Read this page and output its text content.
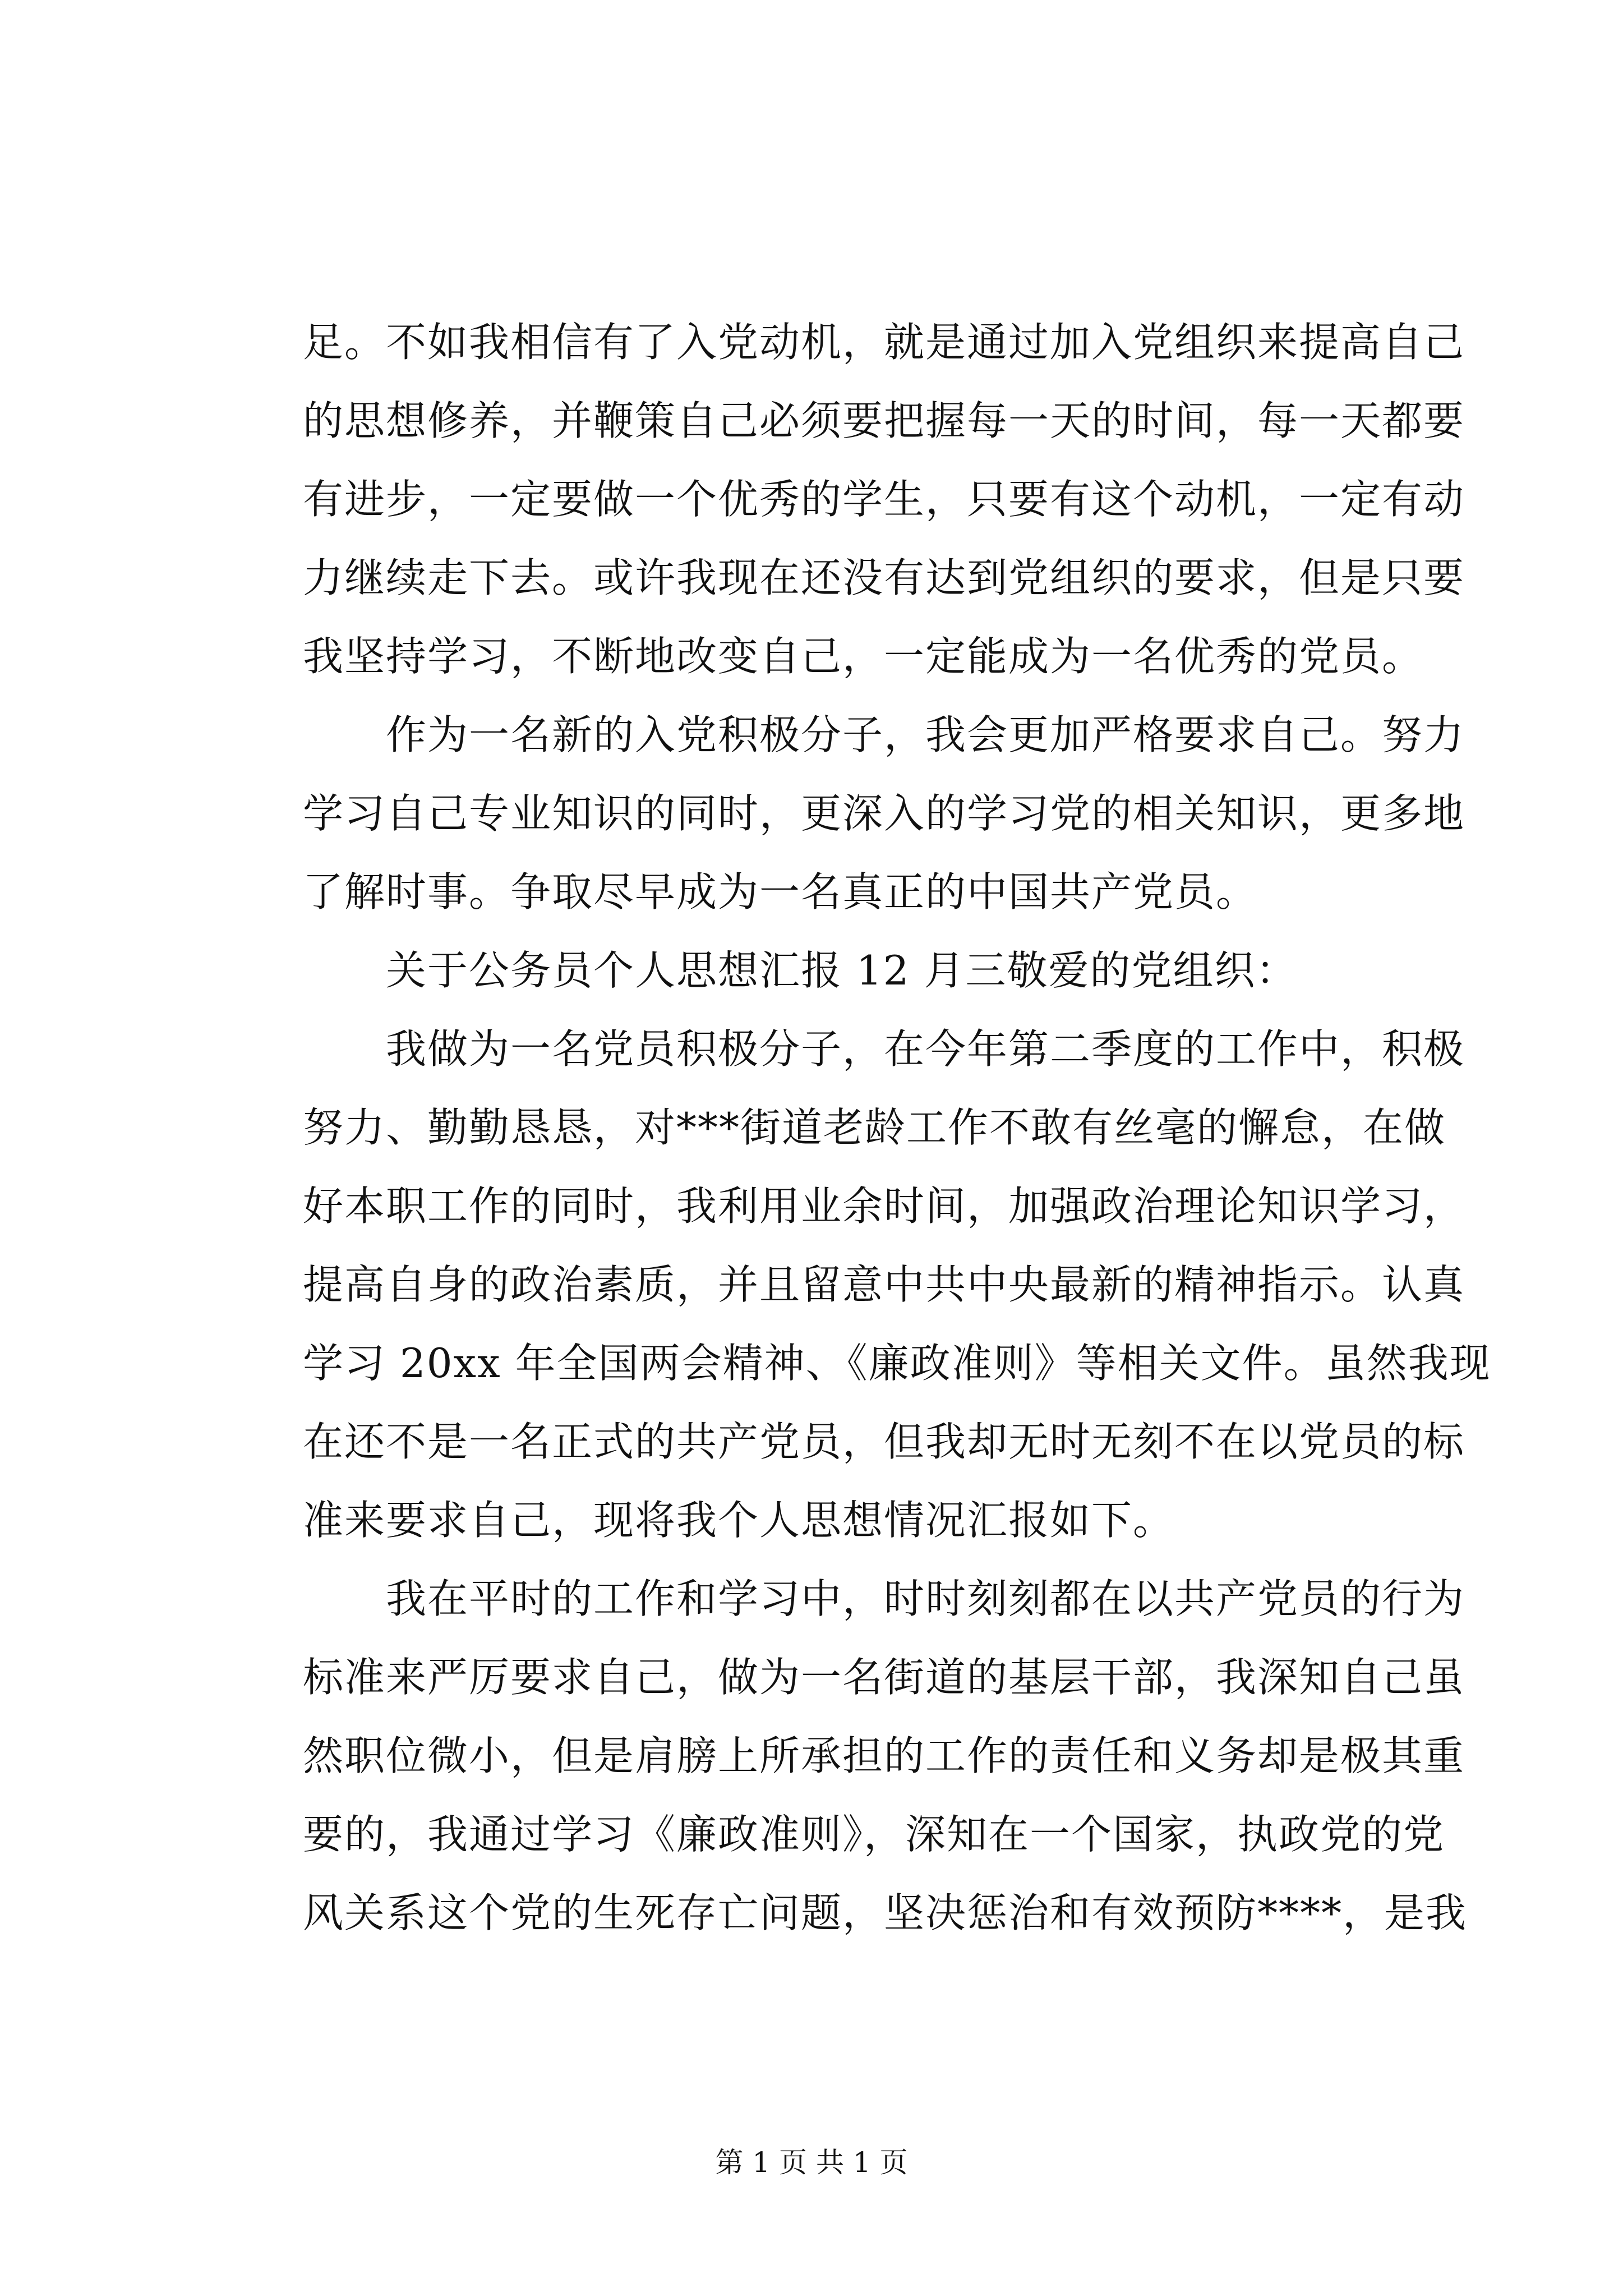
足。不如我相信有了入党动机，就是通过加入党组织来提高自己
的思想修养，并鞭策自己必须要把握每一天的时间，每一天都要
有进步，一定要做一个优秀的学生，只要有这个动机，一定有动
力继续走下去。或许我现在还没有达到党组织的要求，但是只要
我坚持学习，不断地改变自己，一定能成为一名优秀的党员。
作为一名新的入党积极分子，我会更加严格要求自己。努力
学习自己专业知识的同时，更深入的学习党的相关知识，更多地
了解时事。争取尽早成为一名真正的中国共产党员。
关于公务员个人思想汇报 12 月三敬爱的党组织：
我做为一名党员积极分子，在今年第二季度的工作中，积极
努力、勤勤恳恳，对***街道老龄工作不敢有丝毫的懈怠，在做
好本职工作的同时，我利用业余时间，加强政治理论知识学习，
提高自身的政治素质，并且留意中共中央最新的精神指示。认真
学习 20xx 年全国两会精神、《廉政准则》等相关文件。虽然我现
在还不是一名正式的共产党员，但我却无时无刻不在以党员的标
准来要求自己，现将我个人思想情况汇报如下。
我在平时的工作和学习中，时时刻刻都在以共产党员的行为
标准来严厉要求自己，做为一名街道的基层干部，我深知自己虽
然职位微小，但是肩膀上所承担的工作的责任和义务却是极其重
要的，我通过学习《廉政准则》，深知在一个国家，执政党的党
风关系这个党的生死存亡问题，坚决惩治和有效预防****，是我
第 1 页 共 1 页
